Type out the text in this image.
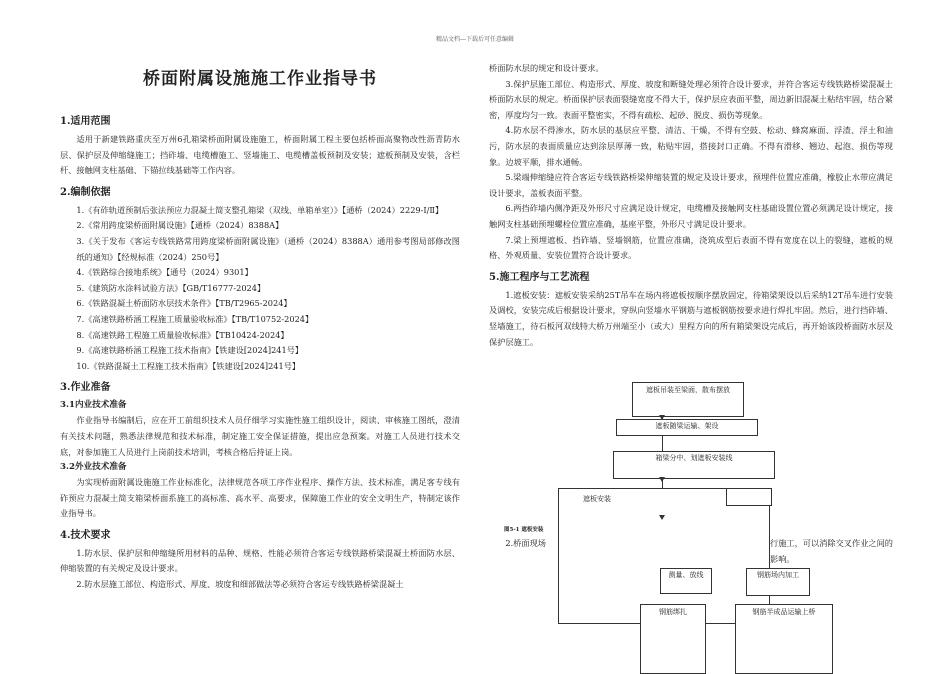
精品文档---下载后可任意编辑
桥面附属设施施工作业指导书
1.适用范围

适用于新建铁路重庆至万州6孔箱梁桥面附属设施施工，桥面附属工程主要包括桥面高聚物改性沥青防水层、保护层及伸缩缝施工；挡砟墙、电缆槽施工、竖墙施工、电缆槽盖板预制及安装；遮板预制及安装，含栏杆、接触网支柱基础、下锚拉线基础等工作内容。

2.编制依据

1.《有砟轨道预制后张法预应力混凝土简支整孔箱梁（双线、单箱单室）》【通桥（2024）2229-Ⅰ/Ⅱ】

2.《常用跨度梁桥面附属设施》【通桥（2024）8388A】

3.《关于发布《客运专线铁路常用跨度梁桥面附属设施》（通桥（2024）8388A）通用参考图局部修改图纸的通知》【经规标准（2024）250号】

4.《铁路综合接地系统》【通号（2024）9301】

5.《建筑防水涂料试验方法》【GB/T16777-2024】

6.《铁路混凝土桥面防水层技术条件》【TB/T2965-2024】

7.《高速铁路桥涵工程施工质量验收标准》【TB/T10752-2024】

8.《高速铁路工程施工质量验收标准》【TB10424-2024】

9.《高速铁路桥涵工程施工技术指南》【铁建设[2024]241号】

10.《铁路混凝土工程施工技术指南》【铁建设[2024]241号】

3.作业准备
3.1内业技术准备

作业指导书编制后，应在开工前组织技术人员仔细学习实施性施工组织设计，阅读、审核施工图纸，澄清有关技术问题，熟悉法律规范和技术标准，制定施工安全保证措施，提出应急预案。对施工人员进行技术交底，对参加施工人员进行上岗前技术培训，考核合格后持证上岗。

3.2外业技术准备

为实现桥面附属设施施工作业标准化，法律规范各项工序作业程序、操作方法、技术标准，满足客专线有砟预应力混凝土简支箱梁桥面系施工的高标准、高水平、高要求，保障施工作业的安全文明生产，特制定该作业指导书。

4.技术要求

1.防水层、保护层和伸缩缝所用材料的品种、规格、性能必须符合客运专线铁路桥梁混凝土桥面防水层、伸缩装置的有关规定及设计要求。

2.防水层施工部位、构造形式、厚度、坡度和细部做法等必须符合客运专线铁路桥梁混凝土

桥面防水层的规定和设计要求。

3.保护层施工部位、构造形式、厚度、坡度和断缝处理必须符合设计要求，并符合客运专线铁路桥梁混凝土桥面防水层的规定。桥面保护层表面裂缝宽度不得大于，保护层应表面平整，周边新旧混凝土粘结牢固，结合紧密，厚度均匀一致。表面平整密实，不得有疏松、起砂、脱皮、损伤等现象。

4.防水层不得渗水，防水层的基层应平整、清洁、干燥，不得有空鼓、松动、蜂窝麻面、浮渣、浮土和油污，防水层的表面质量应达到涂层厚薄一致，粘贴牢固，搭接封口正确。不得有滑移、翘边、起泡、损伤等现象。边坡平顺，排水通畅。

5.梁端伸缩缝应符合客运专线铁路桥梁伸缩装置的规定及设计要求，预埋件位置应准确，橡胶止水带应满足设计要求，盖板表面平整。

6.两挡砟墙内侧净距及外形尺寸应满足设计规定，电缆槽及接触网支柱基础设置位置必须满足设计规定，接触网支柱基础预埋螺栓位置应准确，基座平整，外形尺寸满足设计要求。

7.梁上预埋遮板、挡砟墙、竖墙钢筋，位置应准确，浇筑成型后表面不得有宽度在以上的裂缝，遮板的规格、外观质量、安装位置符合设计要求。

5.施工程序与工艺流程

1.遮板安装：遮板安装采纳25T吊车在场内将遮板按顺序摆放固定，待箱梁架设以后采纳12T吊车进行安装及调校，安装完成后根据设计要求，穿纵向竖墙水平钢筋与遮板钢筋按要求进行焊扎牢固。然后，进行挡砟墙、竖墙施工，待石板河双线特大桥万州端至小（或大）里程方向的所有箱梁架设完成后，再开始该段桥面防水层及保护层施工。

遮板吊装至梁面，散布摆放
遮板随梁运输、架设
箱梁分中、划遮板安装线
遮板安装
图5-1 遮板安装
测量、放线	钢筋场内加工
钢筋绑扎	钢筋半成品运输上桥

2.桥面现场	行施工，可以消除交叉作业之间的影响。
